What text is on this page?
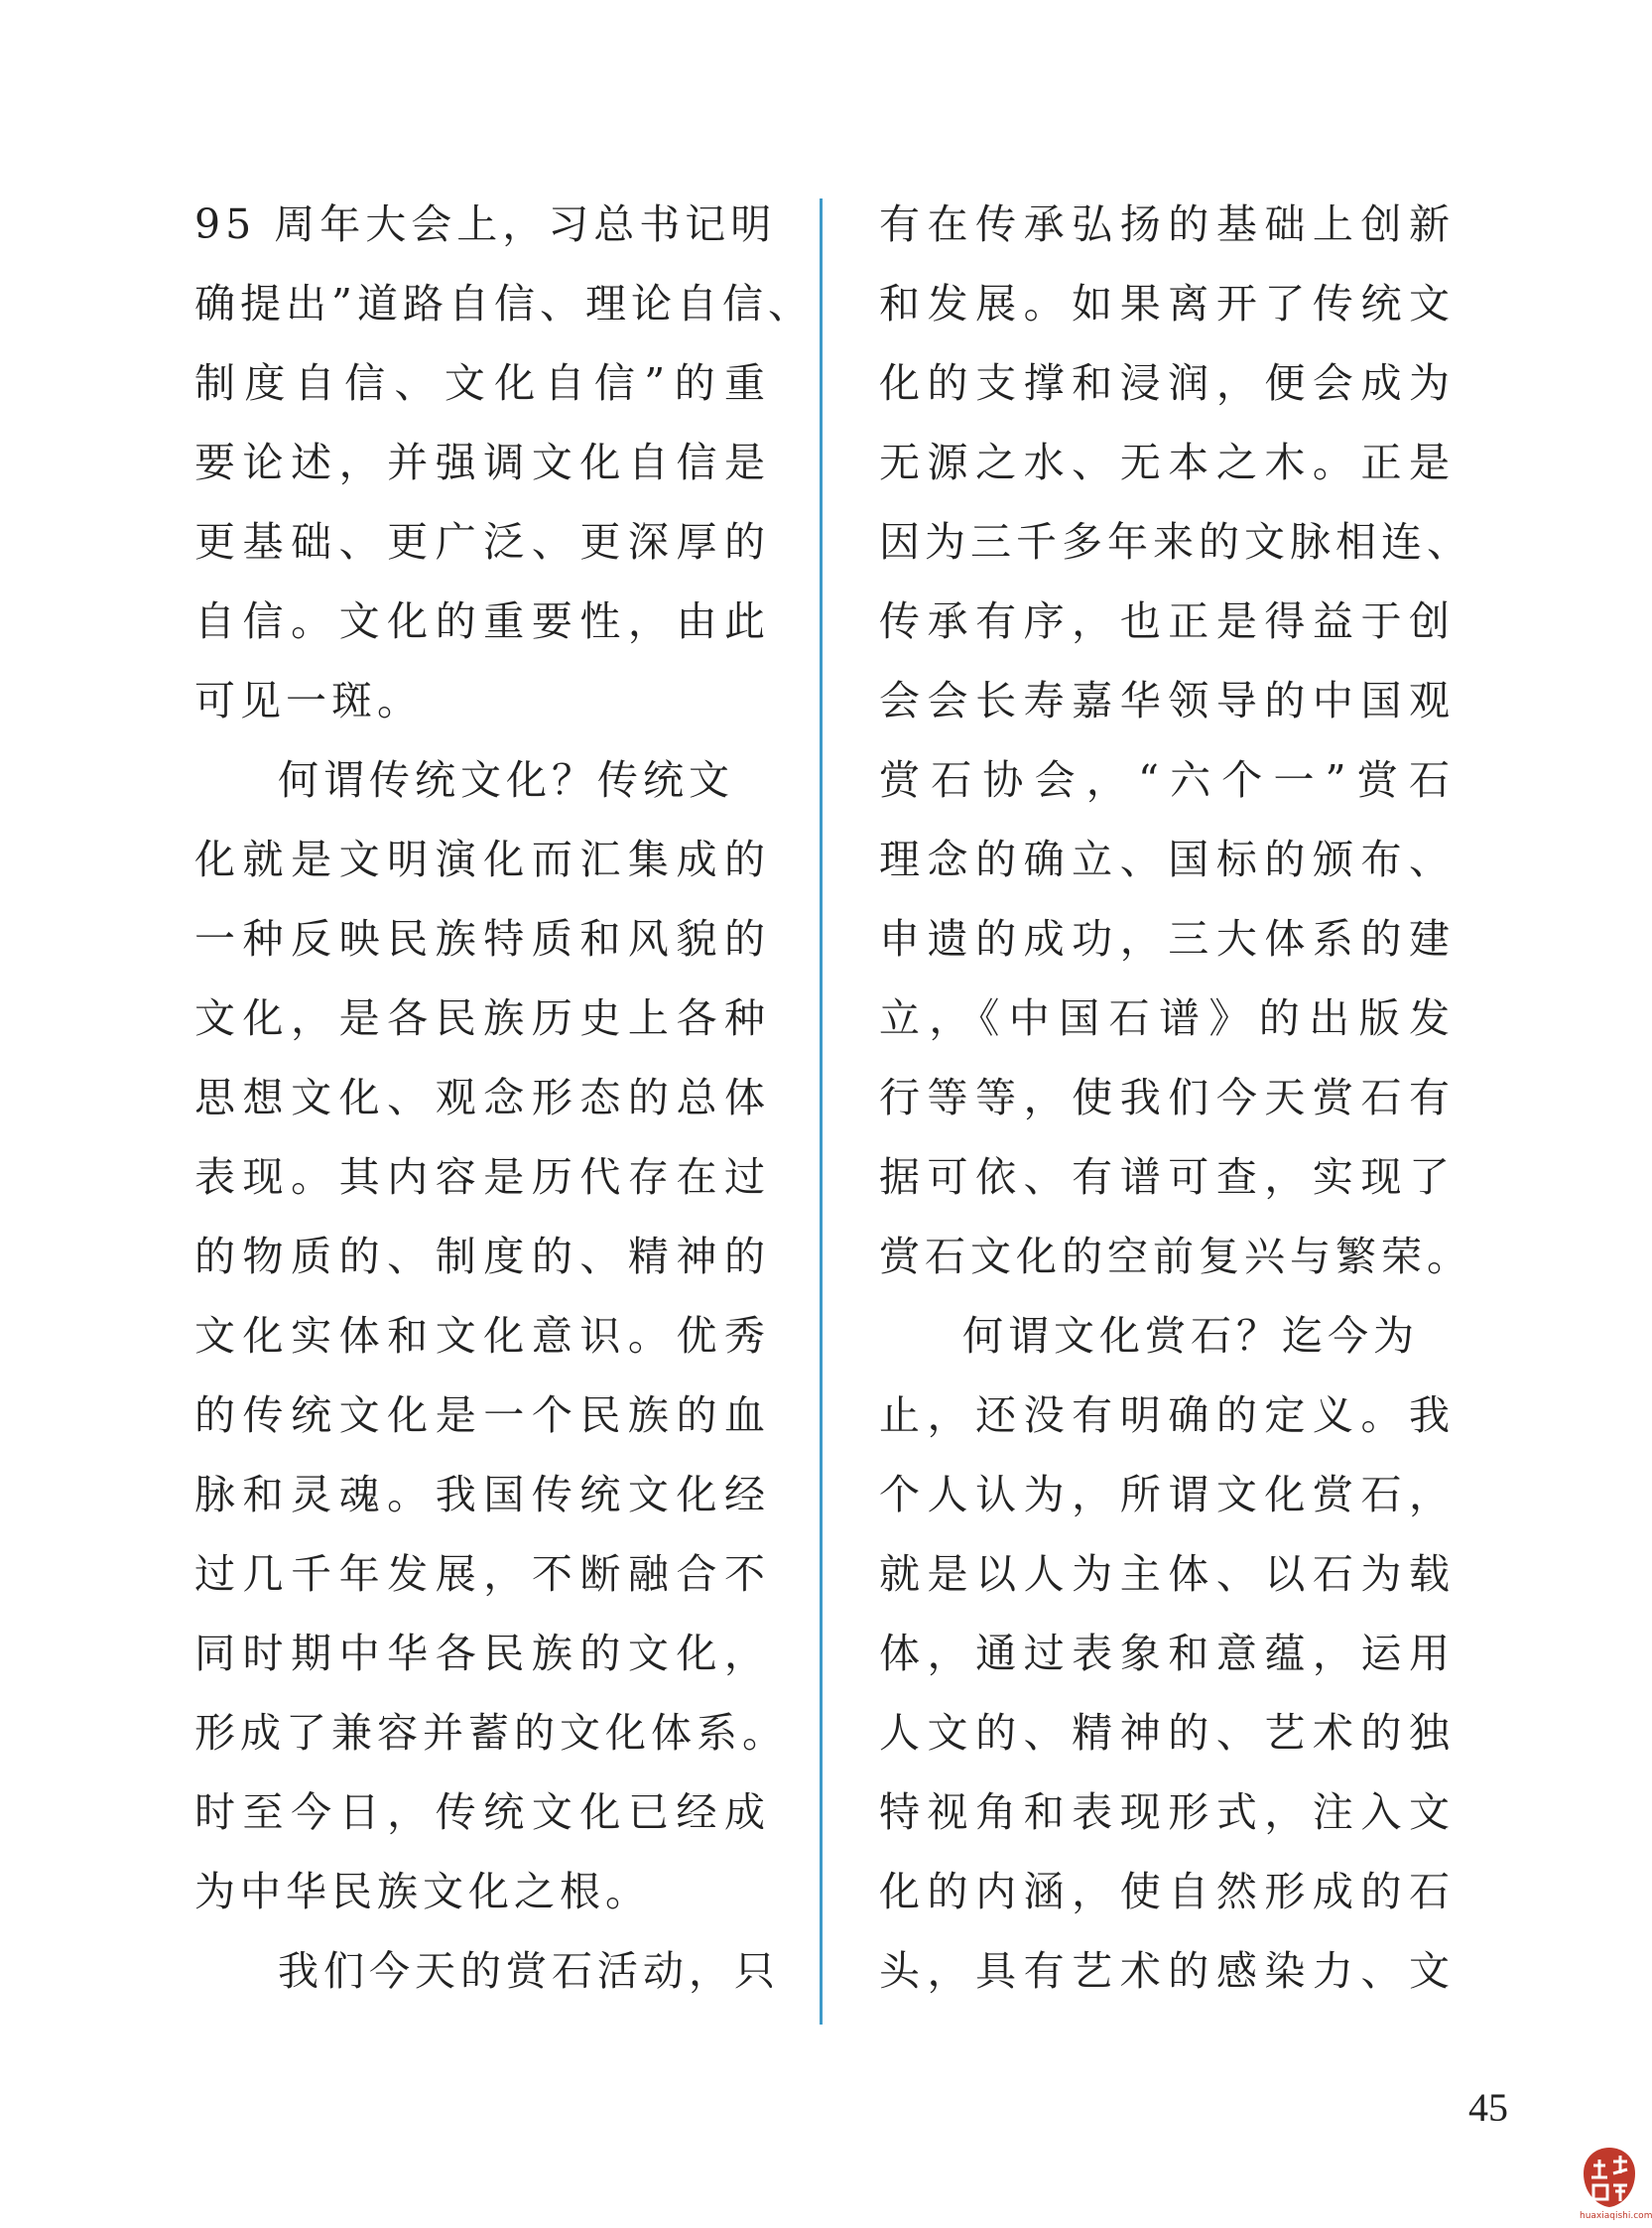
95 周年大会上，习总书记明
确提出”道路自信、理论自信、
制度自信、文化自信”的重
要论述，并强调文化自信是
更基础、更广泛、更深厚的
自信。文化的重要性，由此
可见一斑。
何谓传统文化？传统文
化就是文明演化而汇集成的
一种反映民族特质和风貌的
文化，是各民族历史上各种
思想文化、观念形态的总体
表现。其内容是历代存在过
的物质的、制度的、精神的
文化实体和文化意识。优秀
的传统文化是一个民族的血
脉和灵魂。我国传统文化经
过几千年发展，不断融合不
同时期中华各民族的文化，
形成了兼容并蓄的文化体系。
时至今日，传统文化已经成
为中华民族文化之根。
我们今天的赏石活动，只
有在传承弘扬的基础上创新
和发展。如果离开了传统文
化的支撑和浸润，便会成为
无源之水、无本之木。正是
因为三千多年来的文脉相连、
传承有序，也正是得益于创
会会长寿嘉华领导的中国观
赏石协会，“六个一”赏石
理念的确立、国标的颁布、
申遗的成功，三大体系的建
立，《中国石谱》的出版发
行等等，使我们今天赏石有
据可依、有谱可查，实现了
赏石文化的空前复兴与繁荣。
何谓文化赏石？迄今为
止，还没有明确的定义。我
个人认为，所谓文化赏石，
就是以人为主体、以石为载
体，通过表象和意蕴，运用
人文的、精神的、艺术的独
特视角和表现形式，注入文
化的内涵，使自然形成的石
头，具有艺术的感染力、文
45
huaxiaqishi.com
